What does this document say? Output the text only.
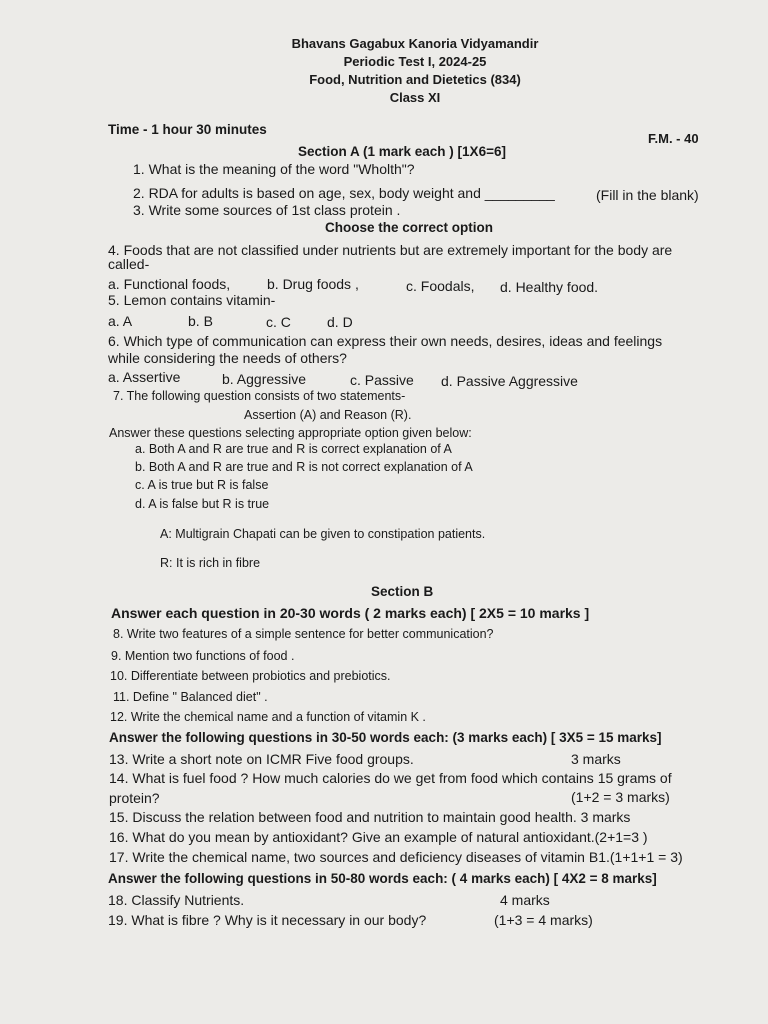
Bhavans Gagabux Kanoria Vidyamandir
Periodic Test I, 2024-25
Food, Nutrition and Dietetics (834)
Class XI
Time - 1 hour 30 minutes
F.M. - 40
Section A (1 mark each ) [1X6=6]
1. What is the meaning of the word "Wholth"?
2. RDA for adults is based on age, sex, body weight and _________	(Fill in the blank)
3. Write some sources of 1st class protein .
Choose the correct option
4. Foods that are not classified under nutrients but are extremely important for the body are
called-
a. Functional foods,	b. Drug foods ,	c. Foodals, d. Healthy food.
5. Lemon contains vitamin-
a. A	b. B	c. C	d. D
6. Which type of communication can express their own needs, desires, ideas and feelings
while considering the needs of others?
a. Assertive	b. Aggressive	c. Passive d. Passive Aggressive
7. The following question consists of two statements-
Assertion (A) and Reason (R).
Answer these questions selecting appropriate option given below:
a. Both A and R are true and R is correct explanation of A
b. Both A and R are true and R is not correct explanation of A
c. A is true but R is false
d. A is false but R is true
A: Multigrain Chapati can be given to constipation patients.
R: It is rich in fibre
Section B
Answer each question in 20-30 words ( 2 marks each) [ 2X5 = 10 marks ]
8. Write two features of a simple sentence for better communication?
9. Mention two functions of food .
10. Differentiate between probiotics and prebiotics.
11. Define " Balanced diet" .
12. Write the chemical name and a function of vitamin K .
Answer the following questions in 30-50 words each: (3 marks each) [ 3X5 = 15 marks]
13. Write a short note on ICMR Five food groups.	3 marks
14. What is fuel food ? How much calories do we get from food which contains 15 grams of
protein?	(1+2 = 3 marks)
15. Discuss the relation between food and nutrition to maintain good health. 3 marks
16. What do you mean by antioxidant? Give an example of natural antioxidant.(2+1=3 )
17. Write the chemical name, two sources and deficiency diseases of vitamin B1.(1+1+1 = 3)
Answer the following questions in 50-80 words each: ( 4 marks each) [ 4X2 = 8 marks]
18. Classify Nutrients.	4 marks
19. What is fibre ? Why is it necessary in our body?	(1+3 = 4 marks)
